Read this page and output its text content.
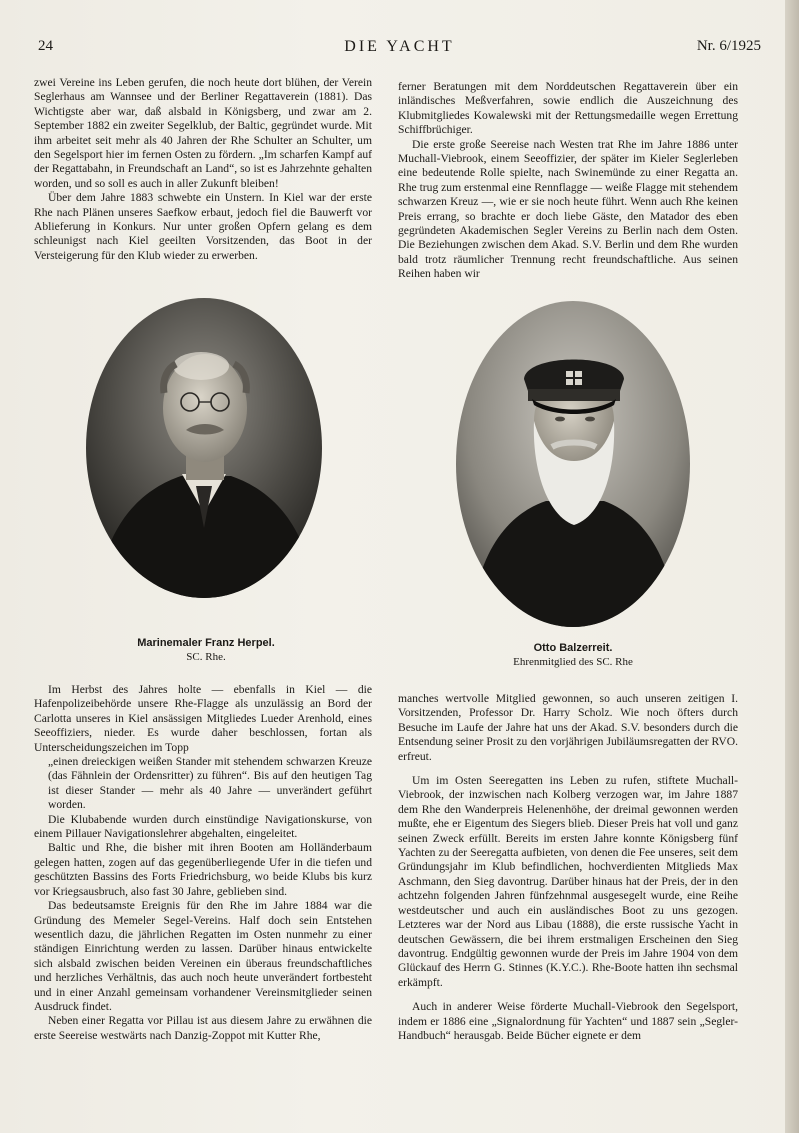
24	DIE YACHT	Nr. 6/1925

zwei Vereine ins Leben gerufen, die noch heute dort blühen, der Verein Seglerhaus am Wannsee und der Berliner Regattaverein (1881). Das Wichtigste aber war, daß alsbald in Königsberg, und zwar am 2. September 1882 ein zweiter Segelklub, der Baltic, gegründet wurde. Mit ihm arbeitet seit mehr als 40 Jahren der Rhe Schulter an Schulter, um den Segelsport hier im fernen Osten zu fördern. „Im scharfen Kampf auf der Regattabahn, in Freundschaft an Land“, so ist es Jahrzehnte gehalten worden, und so soll es auch in aller Zukunft bleiben!

Über dem Jahre 1883 schwebte ein Unstern. In Kiel war der erste Rhe nach Plänen unseres Saefkow erbaut, jedoch fiel die Bauwerft vor Ablieferung in Konkurs. Nur unter großen Opfern gelang es dem schleunigst nach Kiel geeilten Vorsitzenden, das Boot in der Versteigerung für den Klub wieder zu erwerben.

ferner Beratungen mit dem Norddeutschen Regattaverein über ein inländisches Meßverfahren, sowie endlich die Auszeichnung des Klubmitgliedes Kowalewski mit der Rettungsmedaille wegen Errettung Schiffbrüchiger.

Die erste große Seereise nach Westen trat Rhe im Jahre 1886 unter Muchall-Viebrook, einem Seeoffizier, der später im Kieler Seglerleben eine bedeutende Rolle spielte, nach Swinemünde zu einer Regatta an. Rhe trug zum erstenmal eine Rennflagge — weiße Flagge mit stehendem schwarzen Kreuz —, wie er sie noch heute führt. Wenn auch Rhe keinen Preis errang, so brachte er doch liebe Gäste, den Matador des eben gegründeten Akademischen Segler Vereins zu Berlin nach dem Osten. Die Beziehungen zwischen dem Akad. S.V. Berlin und dem Rhe wurden bald trotz räumlicher Trennung recht freundschaftliche. Aus seinen Reihen haben wir

Marinemaler Franz Herpel.
SC. Rhe.
Otto Balzerreit.
Ehrenmitglied des SC. Rhe

Im Herbst des Jahres holte — ebenfalls in Kiel — die Hafenpolizeibehörde unsere Rhe-Flagge als unzulässig an Bord der Carlotta unseres in Kiel ansässigen Mitgliedes Lueder Arenhold, eines Seeoffiziers, nieder. Es wurde daher beschlossen, fortan als Unterscheidungszeichen im Topp

„einen dreieckigen weißen Stander mit stehendem schwarzen Kreuze (das Fähnlein der Ordensritter) zu führen“. Bis auf den heutigen Tag ist dieser Stander — mehr als 40 Jahre — unverändert geführt worden.

Die Klubabende wurden durch einstündige Navigationskurse, von einem Pillauer Navigationslehrer abgehalten, eingeleitet.

Baltic und Rhe, die bisher mit ihren Booten am Holländerbaum gelegen hatten, zogen auf das gegenüberliegende Ufer in die tiefen und geschützten Bassins des Forts Friedrichsburg, wo beide Klubs bis kurz vor Kriegsausbruch, also fast 30 Jahre, geblieben sind.

Das bedeutsamste Ereignis für den Rhe im Jahre 1884 war die Gründung des Memeler Segel-Vereins. Half doch sein Entstehen wesentlich dazu, die jährlichen Regatten im Osten nunmehr zu einer ständigen Einrichtung werden zu lassen. Darüber hinaus entwickelte sich alsbald zwischen beiden Vereinen ein überaus freundschaftliches und herzliches Verhältnis, das auch noch heute unverändert fortbesteht und in einer Anzahl gemeinsam vorhandener Vereinsmitglieder seinen Ausdruck findet.

Neben einer Regatta vor Pillau ist aus diesem Jahre zu erwähnen die erste Seereise westwärts nach Danzig-Zoppot mit Kutter Rhe,

manches wertvolle Mitglied gewonnen, so auch unseren zeitigen I. Vorsitzenden, Professor Dr. Harry Scholz. Wie noch öfters durch Besuche im Laufe der Jahre hat uns der Akad. S.V. besonders durch die Entsendung seiner Prosit zu den vorjährigen Jubiläumsregatten der RVO. erfreut.

Um im Osten Seeregatten ins Leben zu rufen, stiftete Muchall-Viebrook, der inzwischen nach Kolberg verzogen war, im Jahre 1887 dem Rhe den Wanderpreis Helenenhöhe, der dreimal gewonnen werden mußte, ehe er Eigentum des Siegers blieb. Dieser Preis hat voll und ganz seinen Zweck erfüllt. Bereits im ersten Jahre konnte Königsberg fünf Yachten zu der Seeregatta aufbieten, von denen die Fee unseres, seit dem Gründungsjahr im Klub befindlichen, hochverdienten Mitglieds Max Aschmann, den Sieg davontrug. Darüber hinaus hat der Preis, der in den achtzehn folgenden Jahren fünfzehnmal ausgesegelt wurde, eine Reihe westdeutscher und auch ein ausländisches Boot zu uns gezogen. Letzteres war der Nord aus Libau (1888), die erste russische Yacht in deutschen Gewässern, die bei ihrem erstmaligen Erscheinen den Sieg davontrug. Endgültig gewonnen wurde der Preis im Jahre 1904 von dem Glückauf des Herrn G. Stinnes (K.Y.C.). Rhe-Boote hatten ihn sechsmal erkämpft.

Auch in anderer Weise förderte Muchall-Viebrook den Segelsport, indem er 1886 eine „Signalordnung für Yachten“ und 1887 sein „Segler-Handbuch“ herausgab. Beide Bücher eignete er dem
